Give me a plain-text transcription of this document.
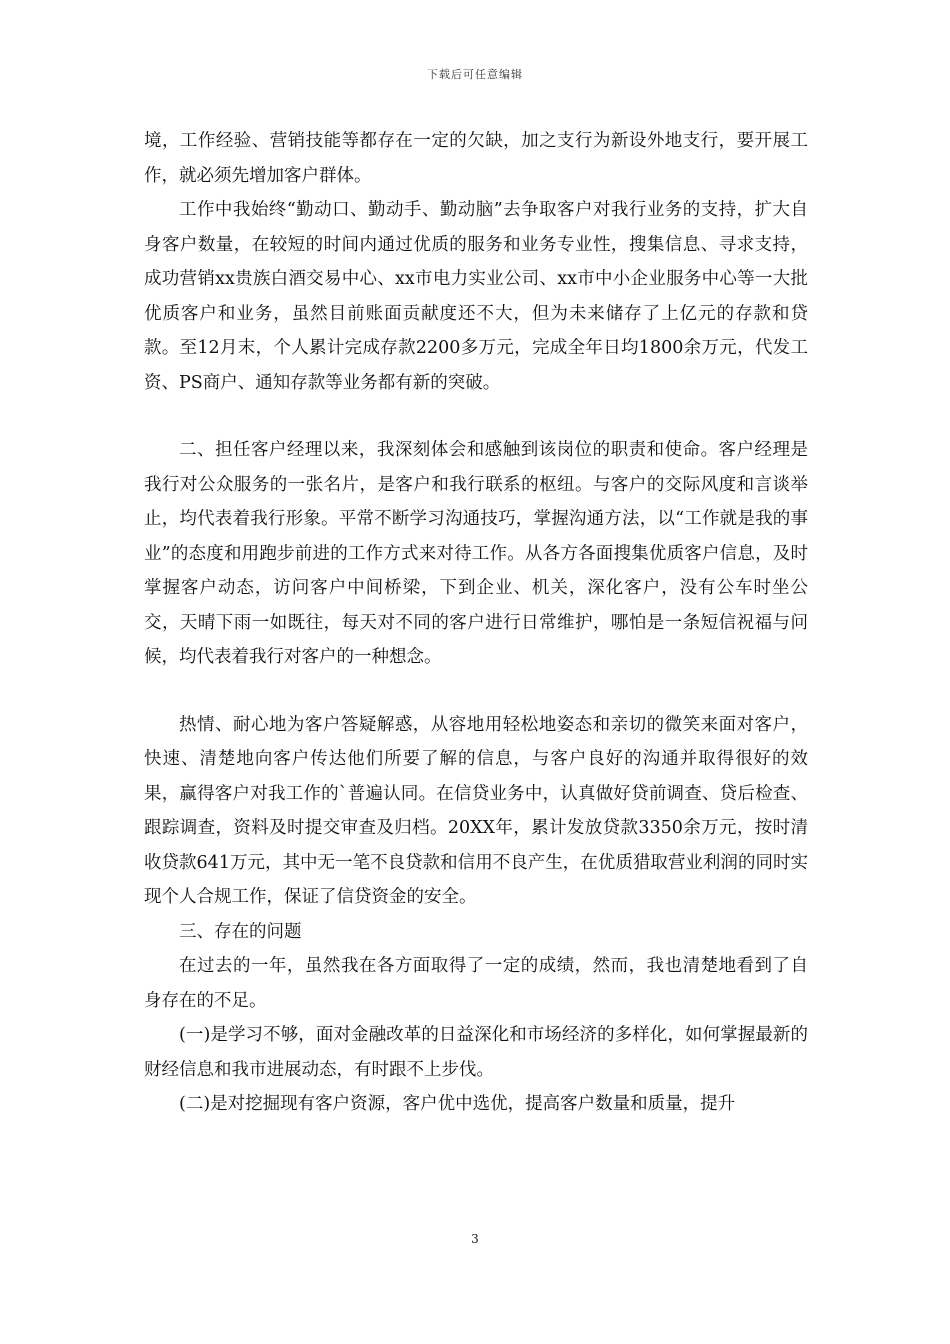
下载后可任意编辑

境，工作经验、营销技能等都存在一定的欠缺，加之支行为新设外地支行，要开展工作，就必须先增加客户群体。

工作中我始终“勤动口、勤动手、勤动脑”去争取客户对我行业务的支持，扩大自身客户数量，在较短的时间内通过优质的服务和业务专业性，搜集信息、寻求支持，成功营销xx贵族白酒交易中心、xx市电力实业公司、xx市中小企业服务中心等一大批优质客户和业务，虽然目前账面贡献度还不大，但为未来储存了上亿元的存款和贷款。至12月末，个人累计完成存款2200多万元，完成全年日均1800余万元，代发工资、PS商户、通知存款等业务都有新的突破。

二、担任客户经理以来，我深刻体会和感触到该岗位的职责和使命。客户经理是我行对公众服务的一张名片，是客户和我行联系的枢纽。与客户的交际风度和言谈举止，均代表着我行形象。平常不断学习沟通技巧，掌握沟通方法，以“工作就是我的事业”的态度和用跑步前进的工作方式来对待工作。从各方各面搜集优质客户信息，及时掌握客户动态，访问客户中间桥梁，下到企业、机关，深化客户，没有公车时坐公交，天晴下雨一如既往，每天对不同的客户进行日常维护，哪怕是一条短信祝福与问候，均代表着我行对客户的一种想念。

热情、耐心地为客户答疑解惑，从容地用轻松地姿态和亲切的微笑来面对客户，快速、清楚地向客户传达他们所要了解的信息，与客户良好的沟通并取得很好的效果，赢得客户对我工作的`普遍认同。在信贷业务中，认真做好贷前调查、贷后检查、跟踪调查，资料及时提交审查及归档。20XX年，累计发放贷款3350余万元，按时清收贷款641万元，其中无一笔不良贷款和信用不良产生，在优质猎取营业利润的同时实现个人合规工作，保证了信贷资金的安全。

三、存在的问题

在过去的一年，虽然我在各方面取得了一定的成绩，然而，我也清楚地看到了自身存在的不足。

(一)是学习不够，面对金融改革的日益深化和市场经济的多样化，如何掌握最新的财经信息和我市进展动态，有时跟不上步伐。

(二)是对挖掘现有客户资源，客户优中选优，提高客户数量和质量，提升

3
